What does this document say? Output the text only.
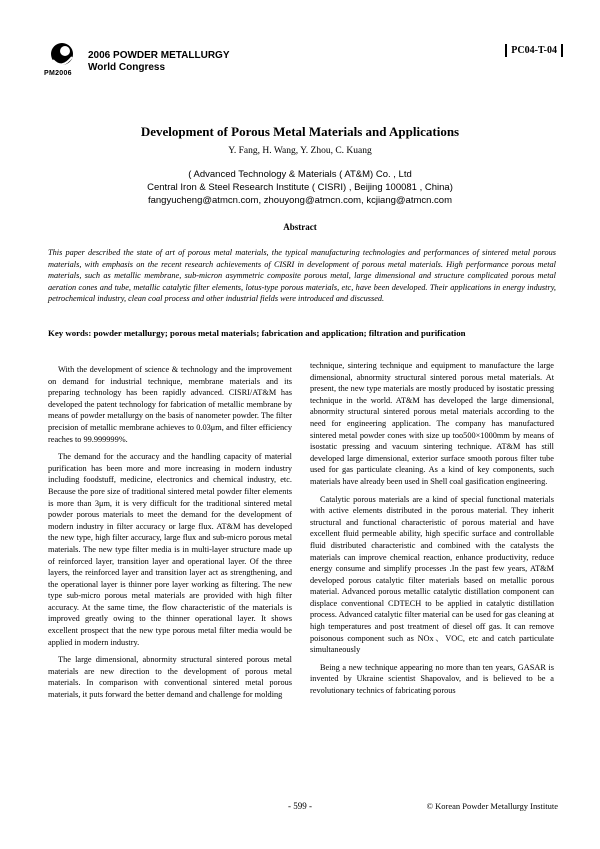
2006 POWDER METALLURGY
World Congress
PM2006
PC04-T-04
Development of Porous Metal Materials and Applications
Y. Fang, H. Wang, Y. Zhou, C. Kuang
( Advanced Technology & Materials ( AT&M) Co. , Ltd
Central Iron & Steel Research Institute ( CISRI) , Beijing 100081 , China)
fangyucheng@atmcn.com, zhouyong@atmcn.com, kcjiang@atmcn.com
Abstract

This paper described the state of art of porous metal materials, the typical manufacturing technologies and performances of sintered metal porous materials, with emphasis on the recent research achievements of CISRI in development of porous metal materials. High performance porous metal materials, such as metallic membrane, sub-micron asymmetric composite porous metal, large dimensional and structure complicated porous metal aeration cones and tube, metallic catalytic filter elements, lotus-type porous materials, etc, have been developed. Their applications in energy industry, petrochemical industry, clean coal process and other industrial fields were introduced and discussed.

Key words: powder metallurgy; porous metal materials; fabrication and application; filtration and purification

With the development of science & technology and the improvement on demand for industrial technique, membrane materials and its preparing technology has been rapidly advanced. CISRI/AT&M has developed the patent technology for fabrication of metallic membrane by means of powder metallurgy on the basis of nanometer powder. The filter precision of metallic membrane achieves to 0.03μm, and filter efficiency reaches to 99.999999%.

The demand for the accuracy and the handling capacity of material purification has been more and more increasing in modern industry including foodstuff, medicine, electronics and chemical industry, etc. Because the pore size of traditional sintered metal powder filter elements is more than 3μm, it is very difficult for the traditional sintered metal powder porous materials to meet the demand for the development of modern industry in filter accuracy or large flux. AT&M has developed the new type, high filter accuracy, large flux and sub-micro porous metal materials. The new type filter media is in multi-layer structure made up of reinforced layer, transition layer and operational layer. Of the three layers, the reinforced layer and transition layer act as strengthening, and the operational layer is thinner pore layer working as filtering. The new type sub-micro porous metal materials are provided with high filter accuracy. At the same time, the flow characteristic of the materials is improved greatly owing to the thinner operational layer. It shows excellent prospect that the new type porous metal filter media would be applied in modern industry.

The large dimensional, abnormity structural sintered porous metal materials are new direction to the development of porous metal materials. In comparison with conventional sintered metal porous materials, it puts forward the better demand and challenge for molding

technique, sintering technique and equipment to manufacture the large dimensional, abnormity structural sintered porous metal materials. At present, the new type materials are mostly produced by isostatic pressing technique in the world. AT&M has developed the large dimensional, abnormity structural sintered porous metal materials according to the need for engineering application. The company has manufactured sintered metal powder cones with size up too500×1000mm by means of isostatic pressing and vacuum sintering technique. AT&M has still developed large dimensional, exterior surface smooth porous filter tube used for gas particulate cleaning. As a kind of key components, such materials have already been used in Shell coal gasification engineering.

Catalytic porous materials are a kind of special functional materials with active elements distributed in the porous material. They inherit structural and functional characteristic of porous material and have excellent fluid permeable ability, high specific surface and controllable fluid distributed characteristic and combined with the catalysts the materials can improve chemical reaction, enhance productivity, reduce energy consume and simplify processes .In the past few years, AT&M developed porous catalytic filter materials based on metallic porous material. Advanced porous metallic catalytic distillation component can displace conventional CDTECH to be applied in catalytic distillation process. Advanced catalytic filter material can be used for gas cleaning at high temperatures and post treatment of diesel off gas. It can remove poisonous component such as NOx、VOC, etc and catch particulate simultaneously

Being a new technique appearing no more than ten years, GASAR is invented by Ukraine scientist Shapovalov, and is believed to be a revolutionary technics of fabricating porous

- 599 -	© Korean Powder Metallurgy Institute
